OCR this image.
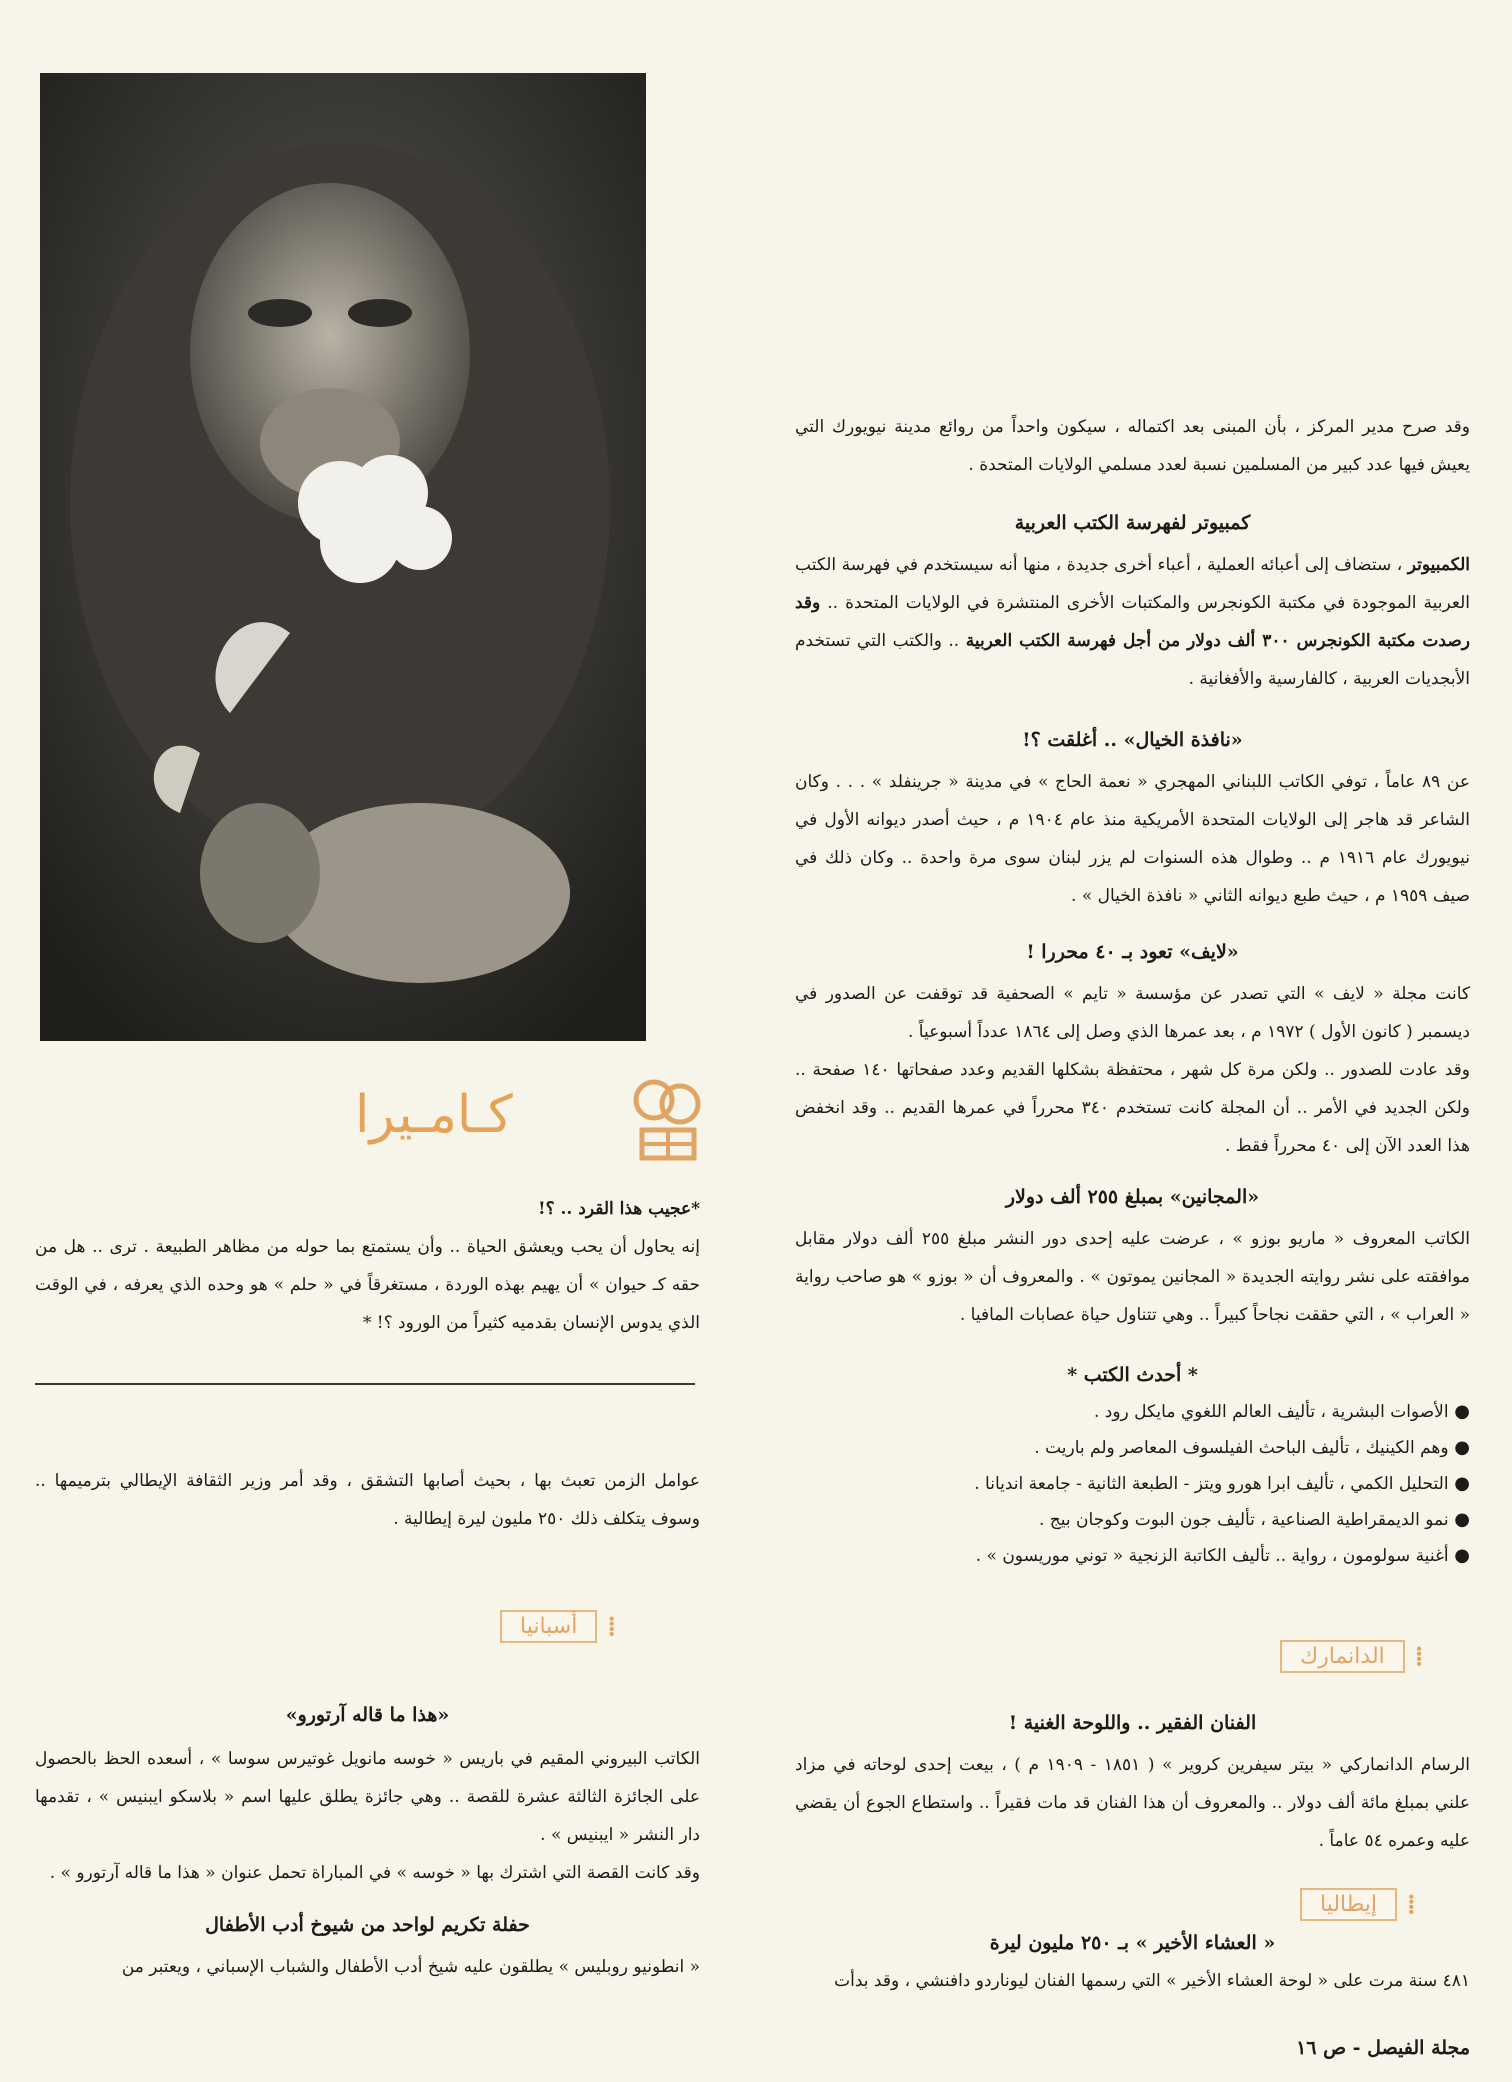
كـامـيرا

*عجيب هذا القرد .. ؟!

إنه يحاول أن يحب ويعشق الحياة .. وأن يستمتع بما حوله من مظاهر الطبيعة . ترى .. هل من حقه كـ حيوان » أن يهيم بهذه الوردة ، مستغرقاً في « حلم » هو وحده الذي يعرفه ، في الوقت الذي يدوس الإنسان بقدميه كثيراً من الورود ؟! *

عوامل الزمن تعبث بها ، بحيث أصابها التشقق ، وقد أمر وزير الثقافة الإيطالي بترميمها .. وسوف يتكلف ذلك ٢٥٠ مليون ليرة إيطالية .

⁞
أسبانيا

«هذا ما قاله آرتورو»

الكاتب البيروني المقيم في باريس « خوسه مانويل غوتيرس سوسا » ، أسعده الحظ بالحصول على الجائزة الثالثة عشرة للقصة .. وهي جائزة يطلق عليها اسم « بلاسكو ايبنيس » ، تقدمها دار النشر « ايبنيس » .

وقد كانت القصة التي اشترك بها « خوسه » في المباراة تحمل عنوان « هذا ما قاله آرتورو » .

حفلة تكريم لواحد من شيوخ أدب الأطفال

« انطونيو روبليس » يطلقون عليه شيخ أدب الأطفال والشباب الإسباني ، ويعتبر من

وقد صرح مدير المركز ، بأن المبنى بعد اكتماله ، سيكون واحداً من روائع مدينة نيويورك التي يعيش فيها عدد كبير من المسلمين نسبة لعدد مسلمي الولايات المتحدة .

كمبيوتر لفهرسة الكتب العربية

الكمبيوتر ، ستضاف إلى أعبائه العملية ، أعباء أخرى جديدة ، منها أنه سيستخدم في فهرسة الكتب العربية الموجودة في مكتبة الكونجرس والمكتبات الأخرى المنتشرة في الولايات المتحدة .. وقد رصدت مكتبة الكونجرس ٣٠٠ ألف دولار من أجل فهرسة الكتب العربية .. والكتب التي تستخدم الأبجديات العربية ، كالفارسية والأفغانية .

«نافذة الخيال» .. أغلقت ؟!

عن ٨٩ عاماً ، توفي الكاتب اللبناني المهجري « نعمة الحاج » في مدينة « جرينفلد » . . . وكان الشاعر قد هاجر إلى الولايات المتحدة الأمريكية منذ عام ١٩٠٤ م ، حيث أصدر ديوانه الأول في نيويورك عام ١٩١٦ م .. وطوال هذه السنوات لم يزر لبنان سوى مرة واحدة .. وكان ذلك في صيف ١٩٥٩ م ، حيث طبع ديوانه الثاني « نافذة الخيال » .

«لايف» تعود بـ ٤٠ محررا !

كانت مجلة « لايف » التي تصدر عن مؤسسة « تايم » الصحفية قد توقفت عن الصدور في ديسمبر ( كانون الأول ) ١٩٧٢ م ، بعد عمرها الذي وصل إلى ١٨٦٤ عدداً أسبوعياً .

وقد عادت للصدور .. ولكن مرة كل شهر ، محتفظة بشكلها القديم وعدد صفحاتها ١٤٠ صفحة .. ولكن الجديد في الأمر .. أن المجلة كانت تستخدم ٣٤٠ محرراً في عمرها القديم .. وقد انخفض هذا العدد الآن إلى ٤٠ محرراً فقط .

«المجانين» بمبلغ ٢٥٥ ألف دولار

الكاتب المعروف « ماريو بوزو » ، عرضت عليه إحدى دور النشر مبلغ ٢٥٥ ألف دولار مقابل موافقته على نشر روايته الجديدة « المجانين يموتون » . والمعروف أن « بوزو » هو صاحب رواية « العراب » ، التي حققت نجاحاً كبيراً .. وهي تتناول حياة عصابات المافيا .

* أحدث الكتب *

● الأصوات البشرية ، تأليف العالم اللغوي مايكل رود .
● وهم الكينيك ، تأليف الباحث الفيلسوف المعاصر ولم باريت .
● التحليل الكمي ، تأليف ابرا هورو ويتز - الطبعة الثانية - جامعة انديانا .
● نمو الديمقراطية الصناعية ، تأليف جون البوت وكوجان بيج .
● أغنية سولومون ، رواية .. تأليف الكاتبة الزنجية « توني موريسون » .
⁞
الدانمارك

الفنان الفقير .. واللوحة الغنية !

الرسام الدانماركي « بيتر سيفرين كروير » ( ١٨٥١ - ١٩٠٩ م ) ، بيعت إحدى لوحاته في مزاد علني بمبلغ مائة ألف دولار .. والمعروف أن هذا الفنان قد مات فقيراً .. واستطاع الجوع أن يقضي عليه وعمره ٥٤ عاماً .

⁞
إيطاليا

« العشاء الأخير » بـ ٢٥٠ مليون ليرة

٤٨١ سنة مرت على « لوحة العشاء الأخير » التي رسمها الفنان ليوناردو دافنشي ، وقد بدأت

مجلة الفيصل - ص ١٦
